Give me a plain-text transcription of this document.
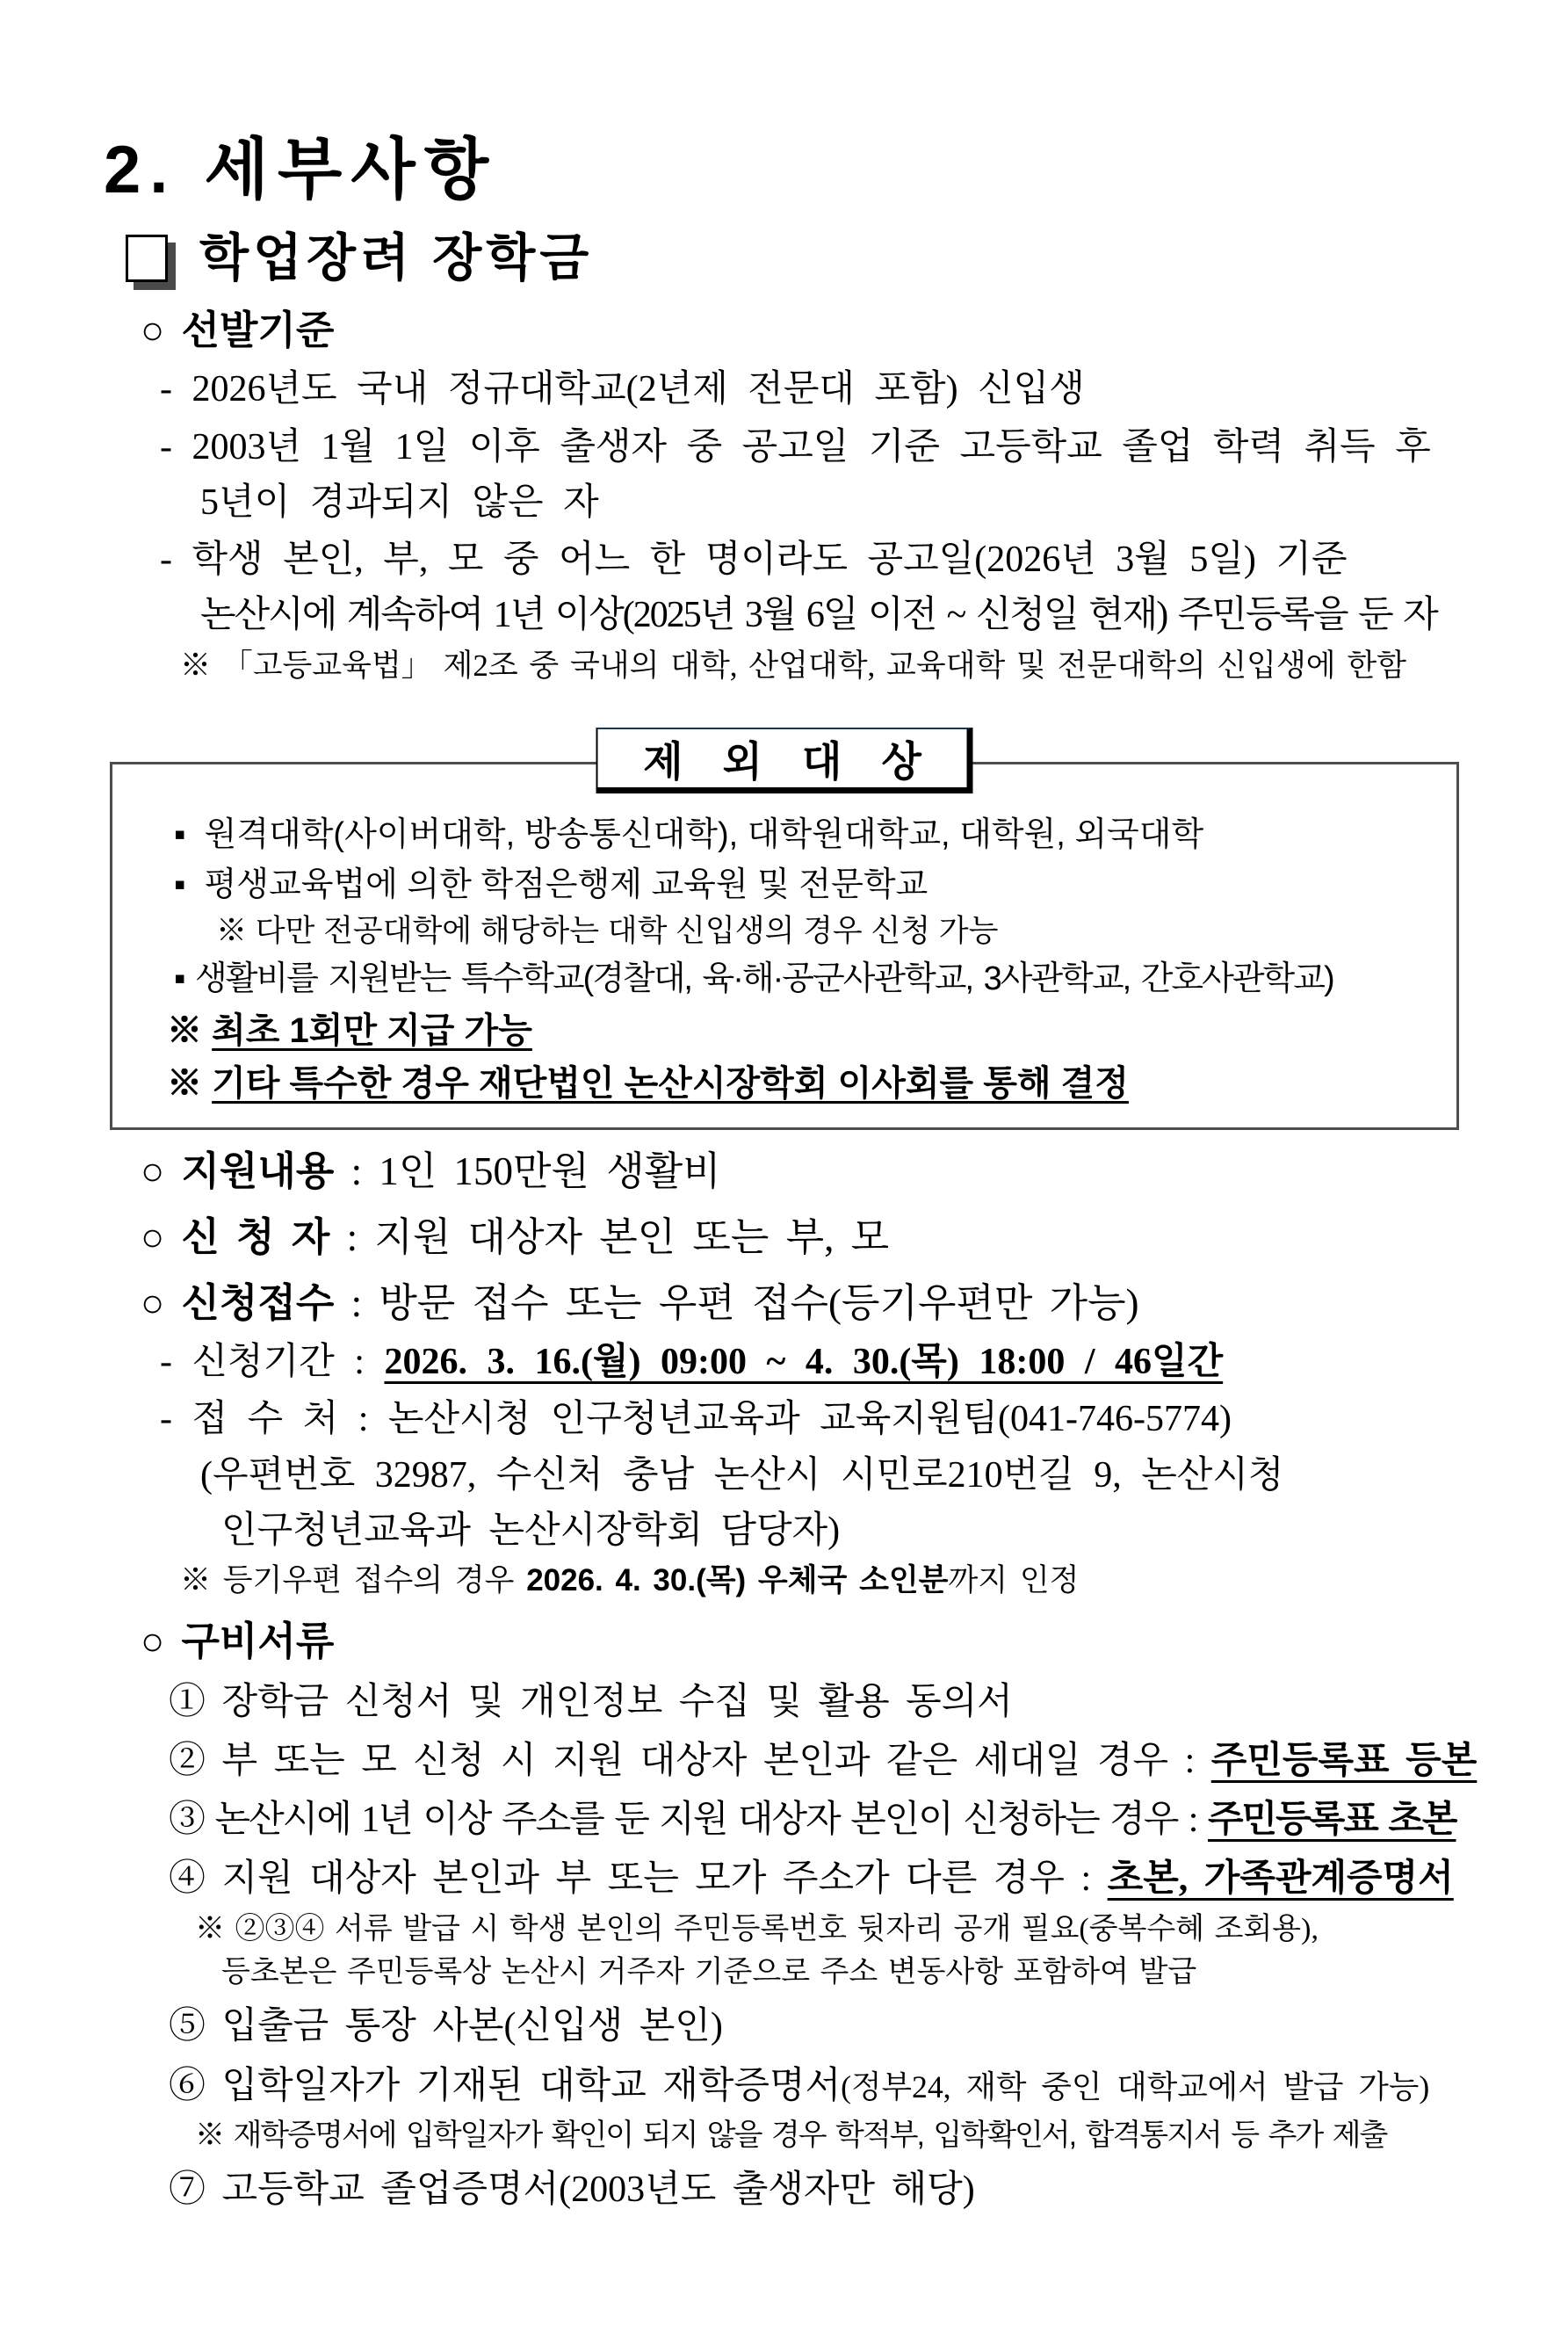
2. 세부사항
학업장려 장학금
○ 선발기준
- 2026년도 국내 정규대학교(2년제 전문대 포함) 신입생
- 2003년 1월 1일 이후 출생자 중 공고일 기준 고등학교 졸업 학력 취득 후
5년이 경과되지 않은 자
- 학생 본인, 부, 모 중 어느 한 명이라도 공고일(2026년 3월 5일) 기준
논산시에 계속하여 1년 이상(2025년 3월 6일 이전 ~ 신청일 현재) 주민등록을 둔 자
※ 「고등교육법」 제2조 중 국내의 대학, 산업대학, 교육대학 및 전문대학의 신입생에 한함
제 외 대 상
▪  원격대학(사이버대학, 방송통신대학), 대학원대학교, 대학원, 외국대학
▪  평생교육법에 의한 학점은행제 교육원 및 전문학교
※ 다만 전공대학에 해당하는 대학 신입생의 경우 신청 가능
▪ 생활비를 지원받는 특수학교(경찰대, 육·해·공군사관학교, 3사관학교, 간호사관학교)
※ 최초 1회만 지급 가능
※ 기타 특수한 경우 재단법인 논산시장학회 이사회를 통해 결정
○ 지원내용 : 1인 150만원 생활비
○ 신 청 자 : 지원 대상자 본인 또는 부, 모
○ 신청접수 : 방문 접수 또는 우편 접수(등기우편만 가능)
- 신청기간 : 2026. 3. 16.(월) 09:00 ~ 4. 30.(목) 18:00 / 46일간
- 접 수 처 : 논산시청 인구청년교육과 교육지원팀(041-746-5774)
(우편번호 32987, 수신처 충남 논산시 시민로210번길 9, 논산시청
인구청년교육과 논산시장학회 담당자)
※ 등기우편 접수의 경우 2026. 4. 30.(목) 우체국 소인분까지 인정
○ 구비서류
① 장학금 신청서 및 개인정보 수집 및 활용 동의서
② 부 또는 모 신청 시 지원 대상자 본인과 같은 세대일 경우 : 주민등록표 등본
③ 논산시에 1년 이상 주소를 둔 지원 대상자 본인이 신청하는 경우 : 주민등록표 초본
④ 지원 대상자 본인과 부 또는 모가 주소가 다른 경우 : 초본, 가족관계증명서
※ ②③④ 서류 발급 시 학생 본인의 주민등록번호 뒷자리 공개 필요(중복수혜 조회용),
등초본은 주민등록상 논산시 거주자 기준으로 주소 변동사항 포함하여 발급
⑤ 입출금 통장 사본(신입생 본인)
⑥ 입학일자가 기재된 대학교 재학증명서(정부24, 재학 중인 대학교에서 발급 가능)
※ 재학증명서에 입학일자가 확인이 되지 않을 경우 학적부, 입학확인서, 합격통지서 등 추가 제출
⑦ 고등학교 졸업증명서(2003년도 출생자만 해당)
